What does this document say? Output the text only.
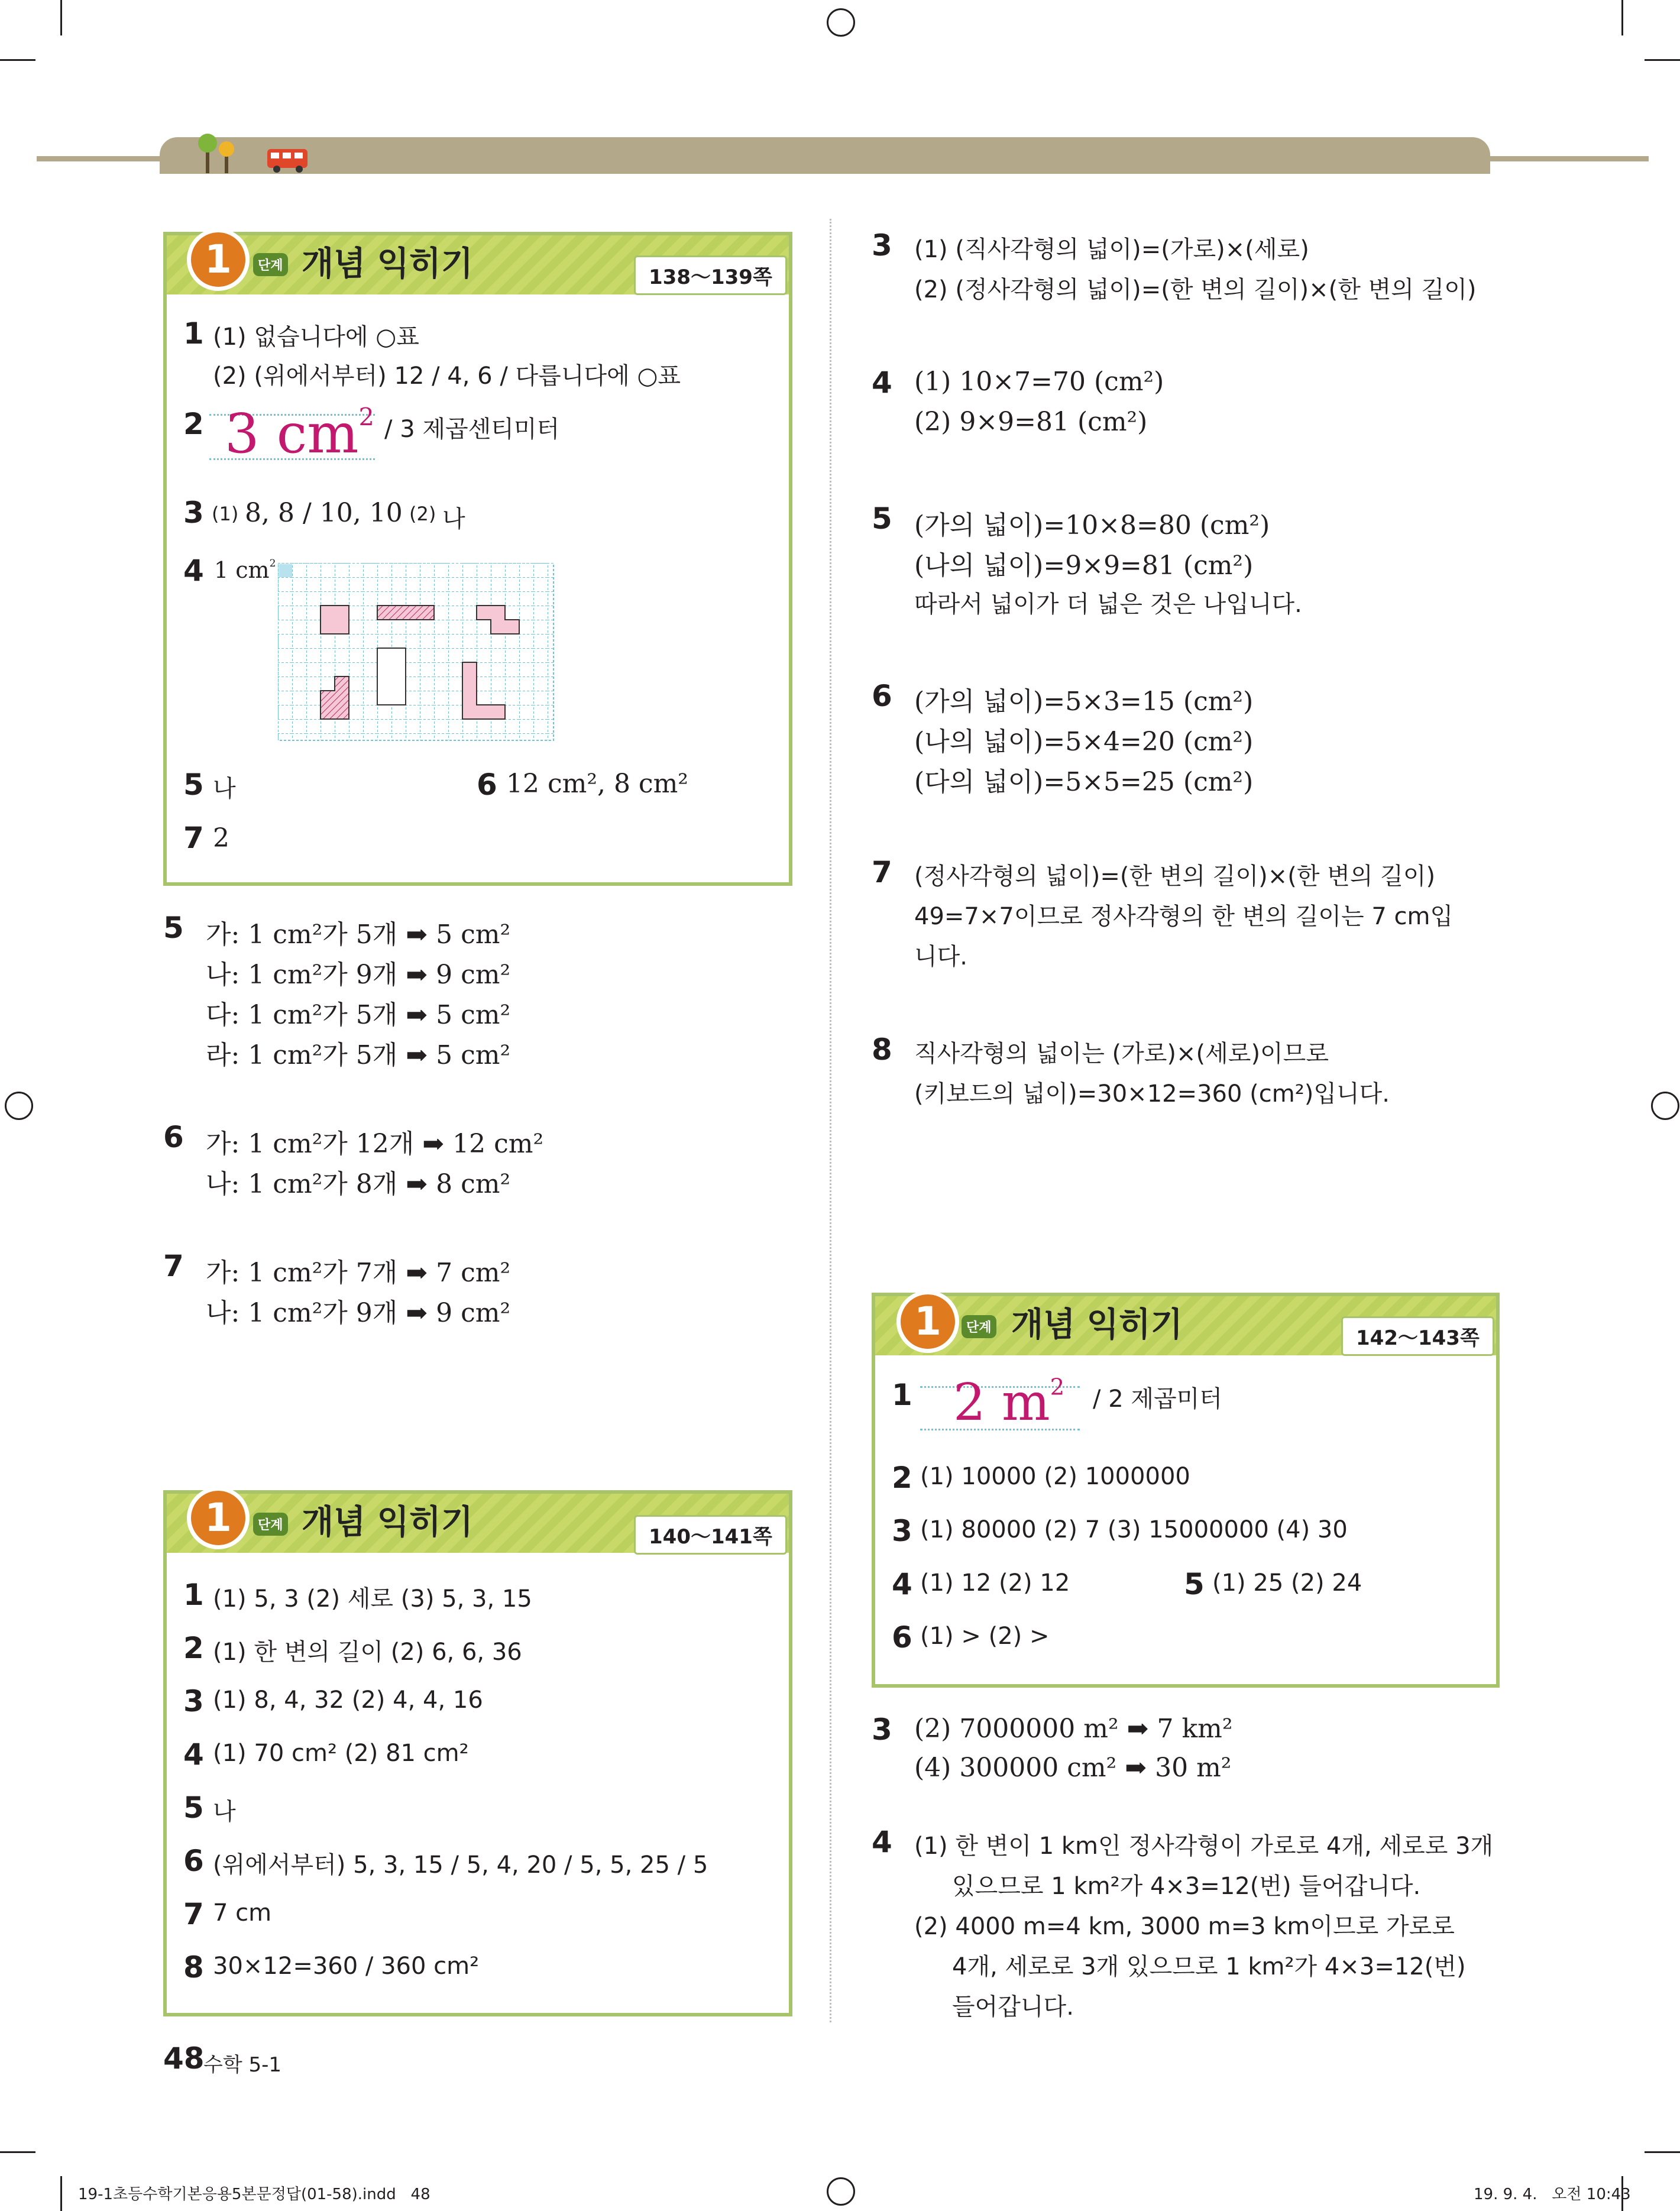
1	단계 개념 익히기	138～139쪽
1 (1) 없습니다에 ○표
(2) (위에서부터) 12 / 4, 6 / 다릅니다에 ○표
2 3 $cm^2 / 3$ 제곱센티미터
3 (1) 8, 8 / 10, 10 (2) 나
4 1 $cm^2$
5 나	6 12 cm², 8 cm²
7 2
5 가: 1 cm²가 5개 ➡ 5 cm²
나: 1 cm²가 9개 ➡ 9 cm²
다: 1 cm²가 5개 ➡ 5 cm²
라: 1 cm²가 5개 ➡ 5 cm²
6 가: 1 cm²가 12개 ➡ 12 cm²
나: 1 cm²가 8개 ➡ 8 cm²
7 가: 1 cm²가 7개 ➡ 7 cm²
나: 1 cm²가 9개 ➡ 9 cm²
1	단계 개념 익히기	140～141쪽
1 (1) 5, 3 (2) 세로 (3) 5, 3, 15
2 (1) 한 변의 길이 (2) 6, 6, 36
3 (1) 8, 4, 32 (2) 4, 4, 16
4 (1) 70 cm² (2) 81 cm²
5 나
6 (위에서부터) 5, 3, 15 / 5, 4, 20 / 5, 5, 25 / 5
7 7 cm
8 30×12=360 / 360 cm²
3 (1) (직사각형의 넓이)=(가로)×(세로)
(2) (정사각형의 넓이)=(한 변의 길이)×(한 변의 길이)
4 (1) 10×7=70 (cm²)
(2) 9×9=81 (cm²)
5 (가의 넓이)=10×8=80 (cm²)
(나의 넓이)=9×9=81 (cm²)
따라서 넓이가 더 넓은 것은 나입니다.
6 (가의 넓이)=5×3=15 (cm²)
(나의 넓이)=5×4=20 (cm²)
(다의 넓이)=5×5=25 (cm²)
7 (정사각형의 넓이)=(한 변의 길이)×(한 변의 길이)
49=7×7이므로 정사각형의 한 변의 길이는 7 cm입
니다.
8 직사각형의 넓이는 (가로)×(세로)이므로
(키보드의 넓이)=30×12=360 (cm²)입니다.
1	단계 개념 익히기	142～143쪽
1 2 $m^2 / 2$ 제곱미터
2 (1) 10000 (2) 1000000
3 (1) 80000 (2) 7 (3) 15000000 (4) 30
4 (1) 12 (2) 12	5 (1) 25 (2) 24
6 (1) > (2) >
3 (2) 7000000 m² ➡ 7 km²
(4) 300000 cm² ➡ 30 m²
4 (1) 한 변이 1 km인 정사각형이 가로로 4개, 세로로 3개
있으므로 1 km²가 4×3=12(번) 들어갑니다.
(2) 4000 m=4 km, 3000 m=3 km이므로 가로로
4개, 세로로 3개 있으므로 1 km²가 4×3=12(번)
들어갑니다.
48
수학 5-1
19-1초등수학기본응용5본문정답(01-58).indd   48	19. 9. 4.   오전 10:43
